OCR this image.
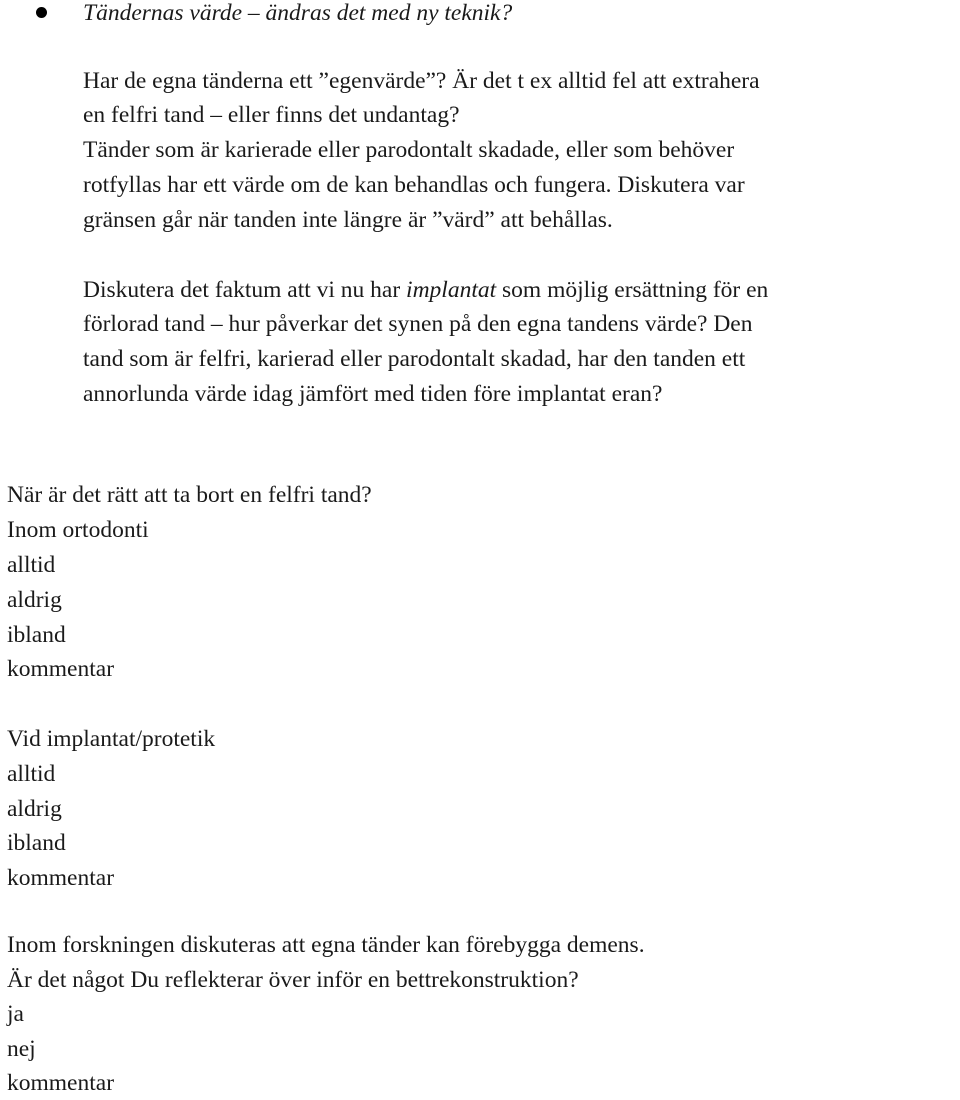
Tändernas värde – ändras det med ny teknik?
Har de egna tänderna ett ”egenvärde”? Är det t ex alltid fel att extrahera
en felfri tand – eller finns det undantag?
Tänder som är karierade eller parodontalt skadade, eller som behöver
rotfyllas har ett värde om de kan behandlas och fungera. Diskutera var
gränsen går när tanden inte längre är ”värd” att behållas.
Diskutera det faktum att vi nu har implantat som möjlig ersättning för en
förlorad tand – hur påverkar det synen på den egna tandens värde? Den
tand som är felfri, karierad eller parodontalt skadad, har den tanden ett
annorlunda värde idag jämfört med tiden före implantat eran?
När är det rätt att ta bort en felfri tand?
Inom ortodonti
alltid
aldrig
ibland
kommentar
Vid implantat/protetik
alltid
aldrig
ibland
kommentar
Inom forskningen diskuteras att egna tänder kan förebygga demens.
Är det något Du reflekterar över inför en bettrekonstruktion?
ja
nej
kommentar
